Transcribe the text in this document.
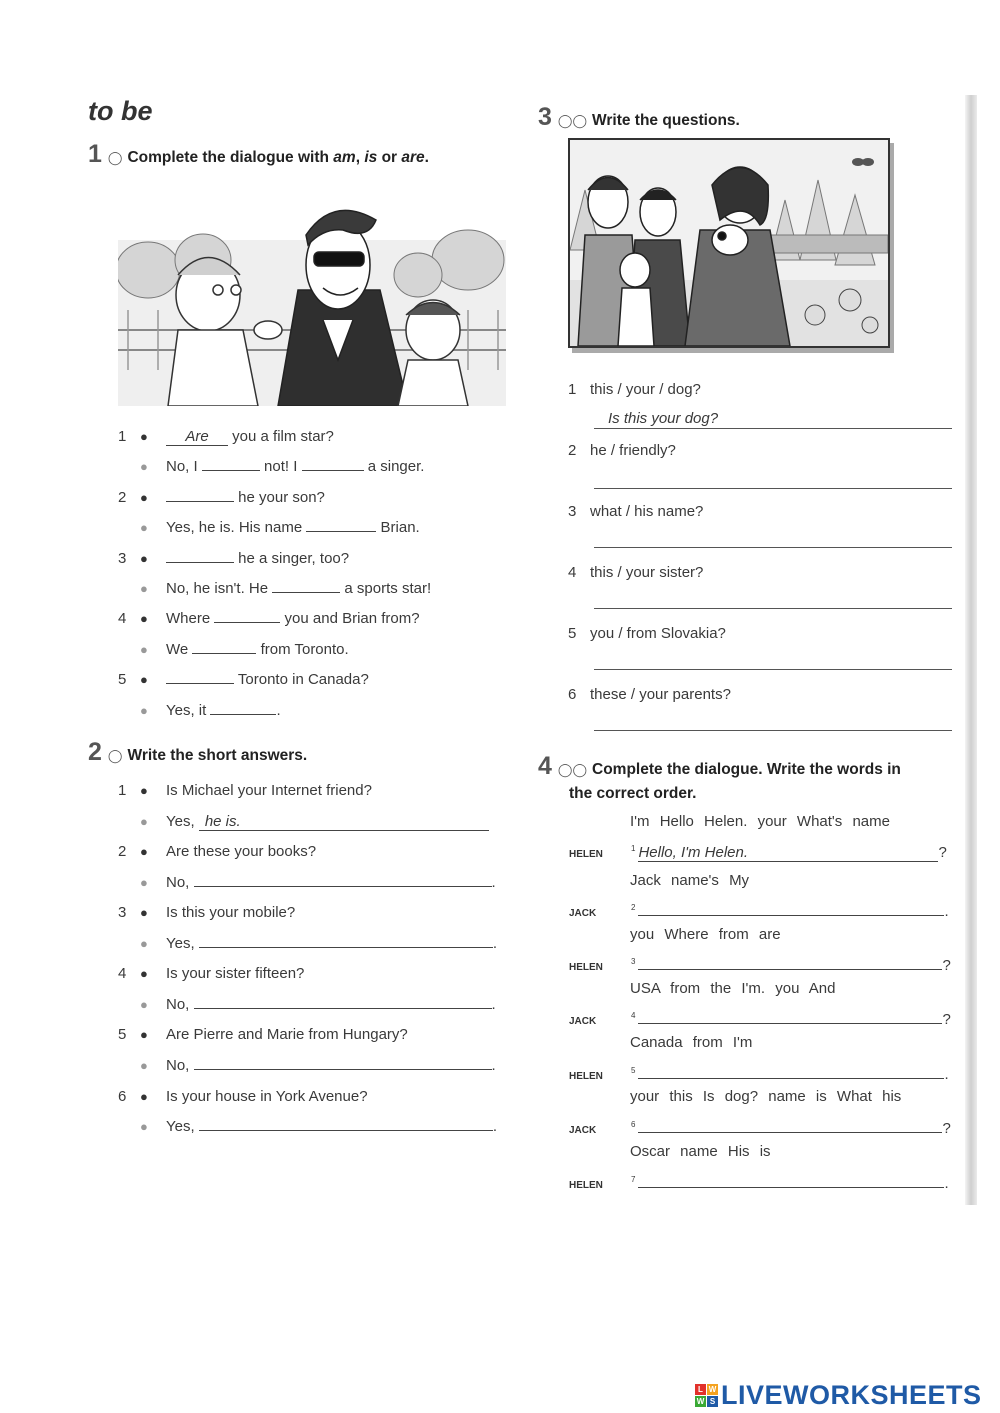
to be
1 ◯ Complete the dialogue with am, is or are.
1 ● Are you a film star?
● No, I	not! I	a singer.
2 ●	he your son?
● Yes, he is. His name	Brian.
3 ●	he a singer, too?
● No, he isn't. He	a sports star!
4 ● Where	you and Brian from?
● We	from Toronto.
5 ●	Toronto in Canada?
● Yes, it	.
2 ◯ Write the short answers.
1 ● Is Michael your Internet friend?
● Yes, he is.
2 ● Are these your books?
● No,	.
3 ● Is this your mobile?
● Yes,	.
4 ● Is your sister fifteen?
● No,	.
5 ● Are Pierre and Marie from Hungary?
● No,	.
6 ● Is your house in York Avenue?
● Yes,	.
3 ◯◯ Write the questions.
1 this / your / dog?
Is this your dog?
2 he / friendly?
3 what / his name?
4 this / your sister?
5 you / from Slovakia?
6 these / your parents?
4 ◯◯ Complete the dialogue. Write the words in
the correct order.
I'm Hello Helen. your What's name
HELEN$^1$ Hello, I'm Helen.	?
Jack name's My
JACK$^2$	.
you Where from are
HELEN$^3$	?
USA from the I'm. you And
JACK$^4$	?
Canada from I'm
HELEN$^5$	.
your this Is dog? name is What his
JACK$^6$	?
Oscar name His is
HELEN$^7$	.
L W
W S LIVEWORKSHEETS
